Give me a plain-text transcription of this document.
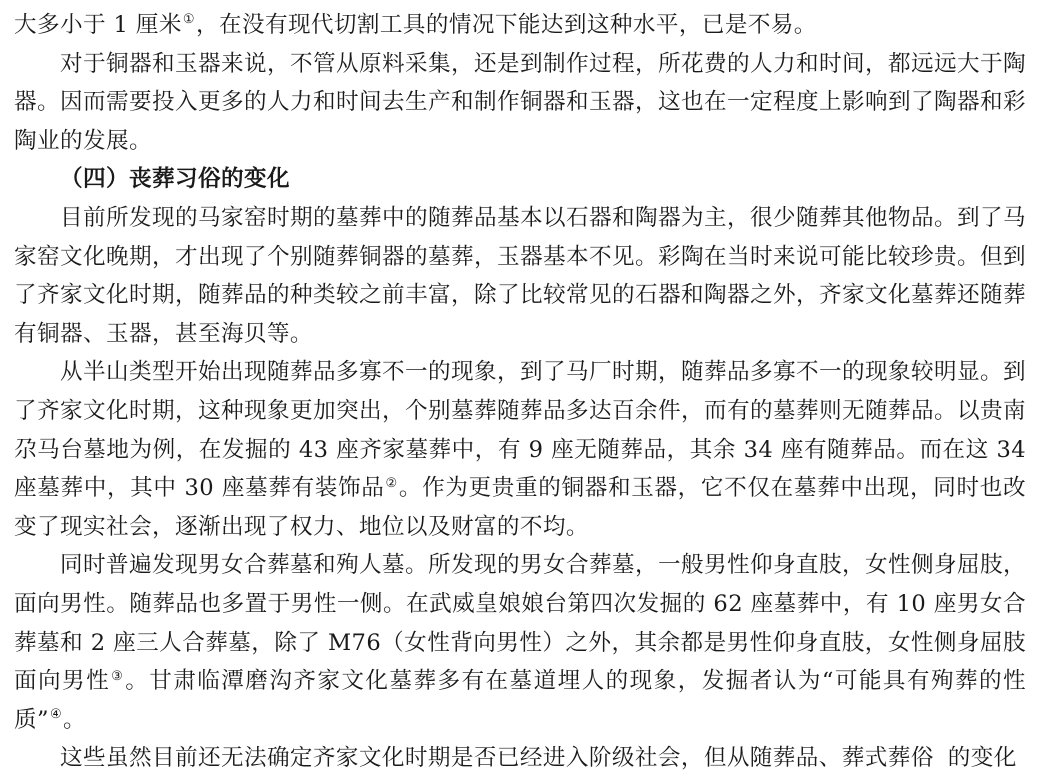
大多小于 1 厘米①，在没有现代切割工具的情况下能达到这种水平，已是不易。

对于铜器和玉器来说，不管从原料采集，还是到制作过程，所花费的人力和时间，都远远大于陶器。因而需要投入更多的人力和时间去生产和制作铜器和玉器，这也在一定程度上影响到了陶器和彩陶业的发展。

（四）丧葬习俗的变化

目前所发现的马家窑时期的墓葬中的随葬品基本以石器和陶器为主，很少随葬其他物品。到了马家窑文化晚期，才出现了个别随葬铜器的墓葬，玉器基本不见。彩陶在当时来说可能比较珍贵。但到了齐家文化时期，随葬品的种类较之前丰富，除了比较常见的石器和陶器之外，齐家文化墓葬还随葬有铜器、玉器，甚至海贝等。

从半山类型开始出现随葬品多寡不一的现象，到了马厂时期，随葬品多寡不一的现象较明显。到了齐家文化时期，这种现象更加突出，个别墓葬随葬品多达百余件，而有的墓葬则无随葬品。以贵南尕马台墓地为例，在发掘的 43 座齐家墓葬中，有 9 座无随葬品，其余 34 座有随葬品。而在这 34 座墓葬中，其中 30 座墓葬有装饰品②。作为更贵重的铜器和玉器，它不仅在墓葬中出现，同时也改变了现实社会，逐渐出现了权力、地位以及财富的不均。

同时普遍发现男女合葬墓和殉人墓。所发现的男女合葬墓，一般男性仰身直肢，女性侧身屈肢，面向男性。随葬品也多置于男性一侧。在武威皇娘娘台第四次发掘的 62 座墓葬中，有 10 座男女合葬墓和 2 座三人合葬墓，除了 M76（女性背向男性）之外，其余都是男性仰身直肢，女性侧身屈肢面向男性③。甘肃临潭磨沟齐家文化墓葬多有在墓道埋人的现象，发掘者认为“可能具有殉葬的性质”④。

这些虽然目前还无法确定齐家文化时期是否已经进入阶级社会，但从随葬品、葬式葬俗 的变化
